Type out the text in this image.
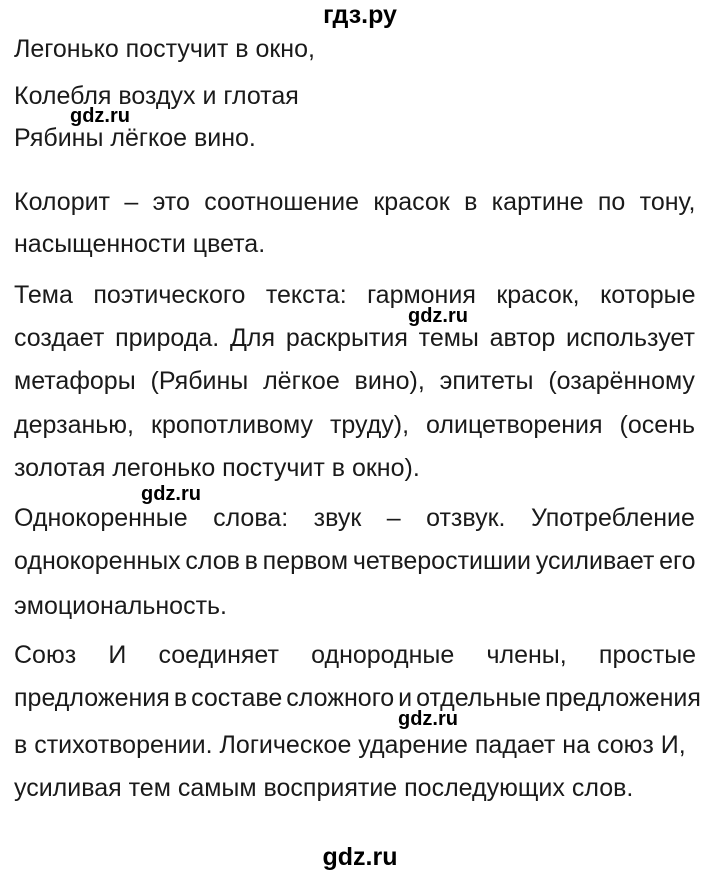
гдз.ру
Легонько постучит в окно,
Колебля воздух и глотая
Рябины лёгкое вино.
Колорит – это соотношение красок в картине по тону,
насыщенности цвета.
Тема поэтического текста: гармония красок, которые
создает природа. Для раскрытия темы автор использует
метафоры (Рябины лёгкое вино), эпитеты (озарённому
дерзанью, кропотливому труду), олицетворения (осень
золотая легонько постучит в окно).
Однокоренные слова: звук – отзвук. Употребление
однокоренных слов в первом четверостишии усиливает его
эмоциональность.
Союз И соединяет однородные члены, простые
предложения в составе сложного и отдельные предложения
в стихотворении. Логическое ударение падает на союз И,
усиливая тем самым восприятие последующих слов.
gdz.ru
gdz.ru
gdz.ru
gdz.ru
gdz.ru
